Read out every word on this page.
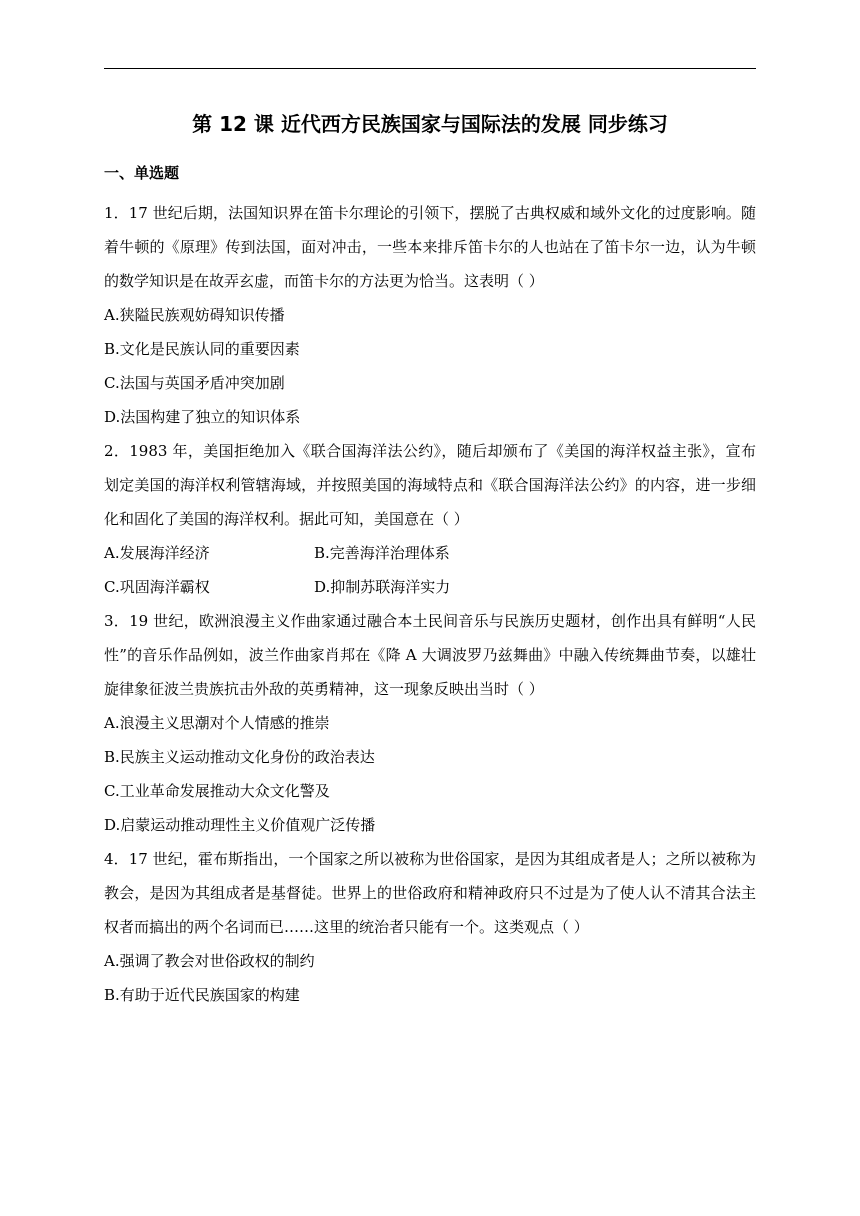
第 12 课 近代西方民族国家与国际法的发展 同步练习
一、单选题

1．17 世纪后期，法国知识界在笛卡尔理论的引领下，摆脱了古典权威和域外文化的过度影响。随着牛顿的《原理》传到法国，面对冲击，一些本来排斥笛卡尔的人也站在了笛卡尔一边，认为牛顿的数学知识是在故弄玄虚，而笛卡尔的方法更为恰当。这表明（ ）

A.狭隘民族观妨碍知识传播

B.文化是民族认同的重要因素

C.法国与英国矛盾冲突加剧

D.法国构建了独立的知识体系

2．1983 年，美国拒绝加入《联合国海洋法公约》，随后却颁布了《美国的海洋权益主张》，宣布划定美国的海洋权利管辖海域，并按照美国的海域特点和《联合国海洋法公约》的内容，进一步细化和固化了美国的海洋权利。据此可知，美国意在（ ）

A.发展海洋经济	B.完善海洋治理体系

C.巩固海洋霸权	D.抑制苏联海洋实力

3．19 世纪，欧洲浪漫主义作曲家通过融合本土民间音乐与民族历史题材，创作出具有鲜明“人民性”的音乐作品例如，波兰作曲家肖邦在《降 A 大调波罗乃兹舞曲》中融入传统舞曲节奏，以雄壮旋律象征波兰贵族抗击外敌的英勇精神，这一现象反映出当时（ ）

A.浪漫主义思潮对个人情感的推崇

B.民族主义运动推动文化身份的政治表达

C.工业革命发展推动大众文化警及

D.启蒙运动推动理性主义价值观广泛传播

4．17 世纪，霍布斯指出，一个国家之所以被称为世俗国家，是因为其组成者是人；之所以被称为教会，是因为其组成者是基督徒。世界上的世俗政府和精神政府只不过是为了使人认不清其合法主权者而搞出的两个名词而已……这里的统治者只能有一个。这类观点（ ）

A.强调了教会对世俗政权的制约

B.有助于近代民族国家的构建
